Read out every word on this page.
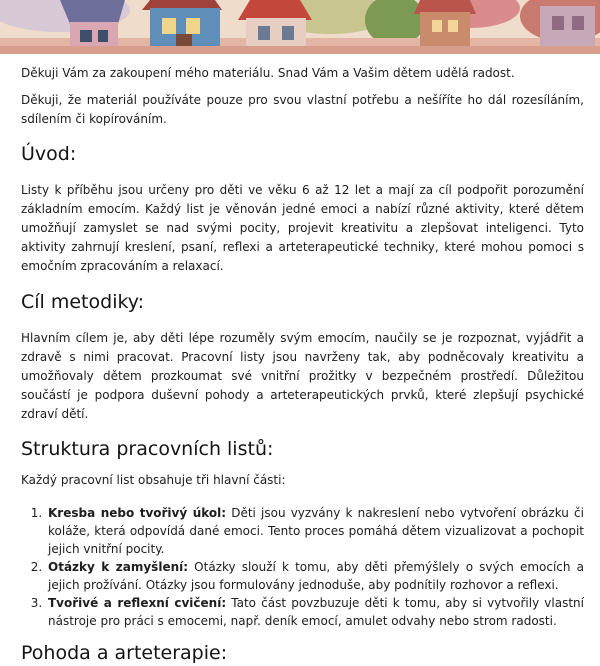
Děkuji Vám za zakoupení mého materiálu. Snad Vám a Vašim dětem udělá radost.

Děkuji, že materiál používáte pouze pro svou vlastní potřebu a nešíříte ho dál rozesíláním, sdílením či kopírováním.

Úvod:

Listy k příběhu jsou určeny pro děti ve věku 6 až 12 let a mají za cíl podpořit porozumění základním emocím. Každý list je věnován jedné emoci a nabízí různé aktivity, které dětem umožňují zamyslet se nad svými pocity, projevit kreativitu a zlepšovat inteligenci. Tyto aktivity zahrnují kreslení, psaní, reflexi a arteterapeutické techniky, které mohou pomoci s emočním zpracováním a relaxací.

Cíl metodiky:

Hlavním cílem je, aby děti lépe rozuměly svým emocím, naučily se je rozpoznat, vyjádřit a zdravě s nimi pracovat. Pracovní listy jsou navrženy tak, aby podněcovaly kreativitu a umožňovaly dětem prozkoumat své vnitřní prožitky v bezpečném prostředí. Důležitou součástí je podpora duševní pohody a arteterapeutických prvků, které zlepšují psychické zdraví dětí.

Struktura pracovních listů:

Každý pracovní list obsahuje tři hlavní části:

1. Kresba nebo tvořivý úkol: Děti jsou vyzvány k nakreslení nebo vytvoření obrázku či koláže, která odpovídá dané emoci. Tento proces pomáhá dětem vizualizovat a pochopit jejich vnitřní pocity.
2. Otázky k zamyšlení: Otázky slouží k tomu, aby děti přemýšlely o svých emocích a jejich prožívání. Otázky jsou formulovány jednoduše, aby podnítily rozhovor a reflexi.
3. Tvořivé a reflexní cvičení: Tato část povzbuzuje děti k tomu, aby si vytvořily vlastní nástroje pro práci s emocemi, např. deník emocí, amulet odvahy nebo strom radosti.
Pohoda a arteterapie:
